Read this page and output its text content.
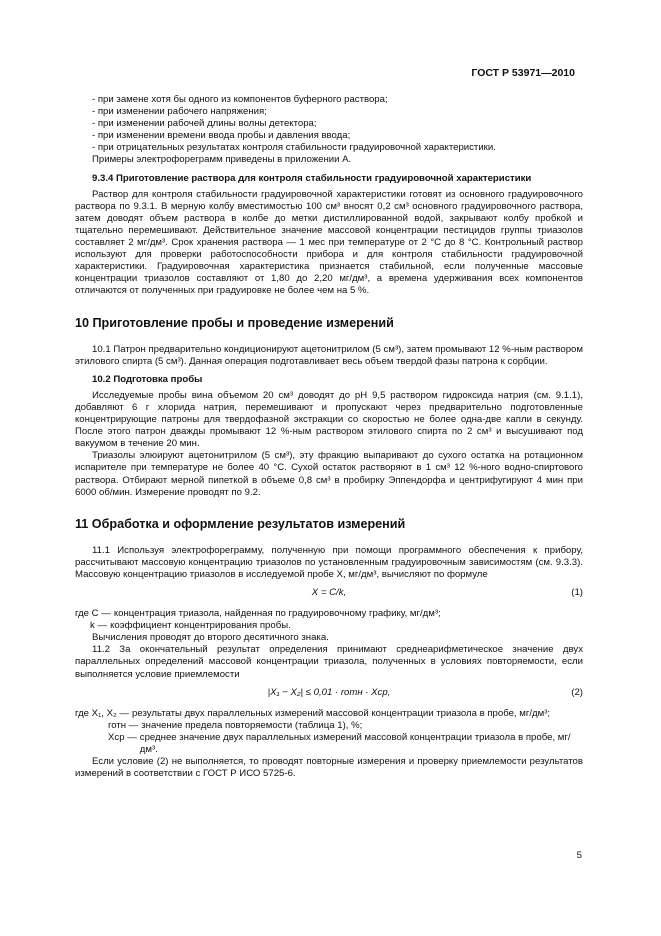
ГОСТ Р 53971—2010
- при замене хотя бы одного из компонентов буферного раствора;
- при изменении рабочего напряжения;
- при изменении рабочей длины волны детектора;
- при изменении времени ввода пробы и давления ввода;
- при отрицательных результатах контроля стабильности градуировочной характеристики.

Примеры электрофореграмм приведены в приложении А.

9.3.4 Приготовление раствора для контроля стабильности градуировочной характеристики

Раствор для контроля стабильности градуировочной характеристики готовят из основного градуировочного раствора по 9.3.1. В мерную колбу вместимостью 100 см³ вносят 0,2 см³ основного градуировочного раствора, затем доводят объем раствора в колбе до метки дистиллированной водой, закрывают колбу пробкой и тщательно перемешивают. Действительное значение массовой концентрации пестицидов группы триазолов составляет 2 мг/дм³. Срок хранения раствора — 1 мес при температуре от 2 °С до 8 °С. Контрольный раствор используют для проверки работоспособности прибора и для контроля стабильности градуировочной характеристики. Градуировочная характеристика признается стабильной, если полученные массовые концентрации триазолов составляют от 1,80 до 2,20 мг/дм³, а времена удерживания всех компонентов отличаются от полученных при градуировке не более чем на 5 %.

10 Приготовление пробы и проведение измерений

10.1 Патрон предварительно кондиционируют ацетонитрилом (5 см³), затем промывают 12 %-ным раствором этилового спирта (5 см³). Данная операция подготавливает весь объем твердой фазы патрона к сорбции.

10.2 Подготовка пробы

Исследуемые пробы вина объемом 20 см³ доводят до рН 9,5 раствором гидроксида натрия (см. 9.1.1), добавляют 6 г хлорида натрия, перемешивают и пропускают через предварительно подготовленные концентрирующие патроны для твердофазной экстракции со скоростью не более одна-две капли в секунду. После этого патрон дважды промывают 12 %-ным раствором этилового спирта по 2 см³ и высушивают под вакуумом в течение 20 мин.

Триазолы элюируют ацетонитрилом (5 см³), эту фракцию выпаривают до сухого остатка на ротационном испарителе при температуре не более 40 °С. Сухой остаток растворяют в 1 см³ 12 %-ного водно-спиртового раствора. Отбирают мерной пипеткой в объеме 0,8 см³ в пробирку Эппендорфа и центрифугируют 4 мин при 6000 об/мин. Измерение проводят по 9.2.

11 Обработка и оформление результатов измерений

11.1 Используя электрофореграмму, полученную при помощи программного обеспечения к прибору, рассчитывают массовую концентрацию триазолов по установленным градуировочным зависимостям (см. 9.3.3). Массовую концентрацию триазолов в исследуемой пробе X, мг/дм³, вычисляют по формуле

X = C/k,	(1)
где C — концентрация триазола, найденная по градуировочному графику, мг/дм³;
k — коэффициент концентрирования пробы.

Вычисления проводят до второго десятичного знака.

11.2 За окончательный результат определения принимают среднеарифметическое значение двух параллельных определений массовой концентрации триазола, полученных в условиях повторяемости, если выполняется условие приемлемости

|X₁ − X₂| ≤ 0,01 · rотн · Xср,	(2)
где X₁, X₂ — результаты двух параллельных измерений массовой концентрации триазола в пробе, мг/дм³;
rотн — значение предела повторяемости (таблица 1), %;
Xср — среднее значение двух параллельных измерений массовой концентрации триазола в пробе, мг/дм³.

Если условие (2) не выполняется, то проводят повторные измерения и проверку приемлемости результатов измерений в соответствии с ГОСТ Р ИСО 5725-6.

5
